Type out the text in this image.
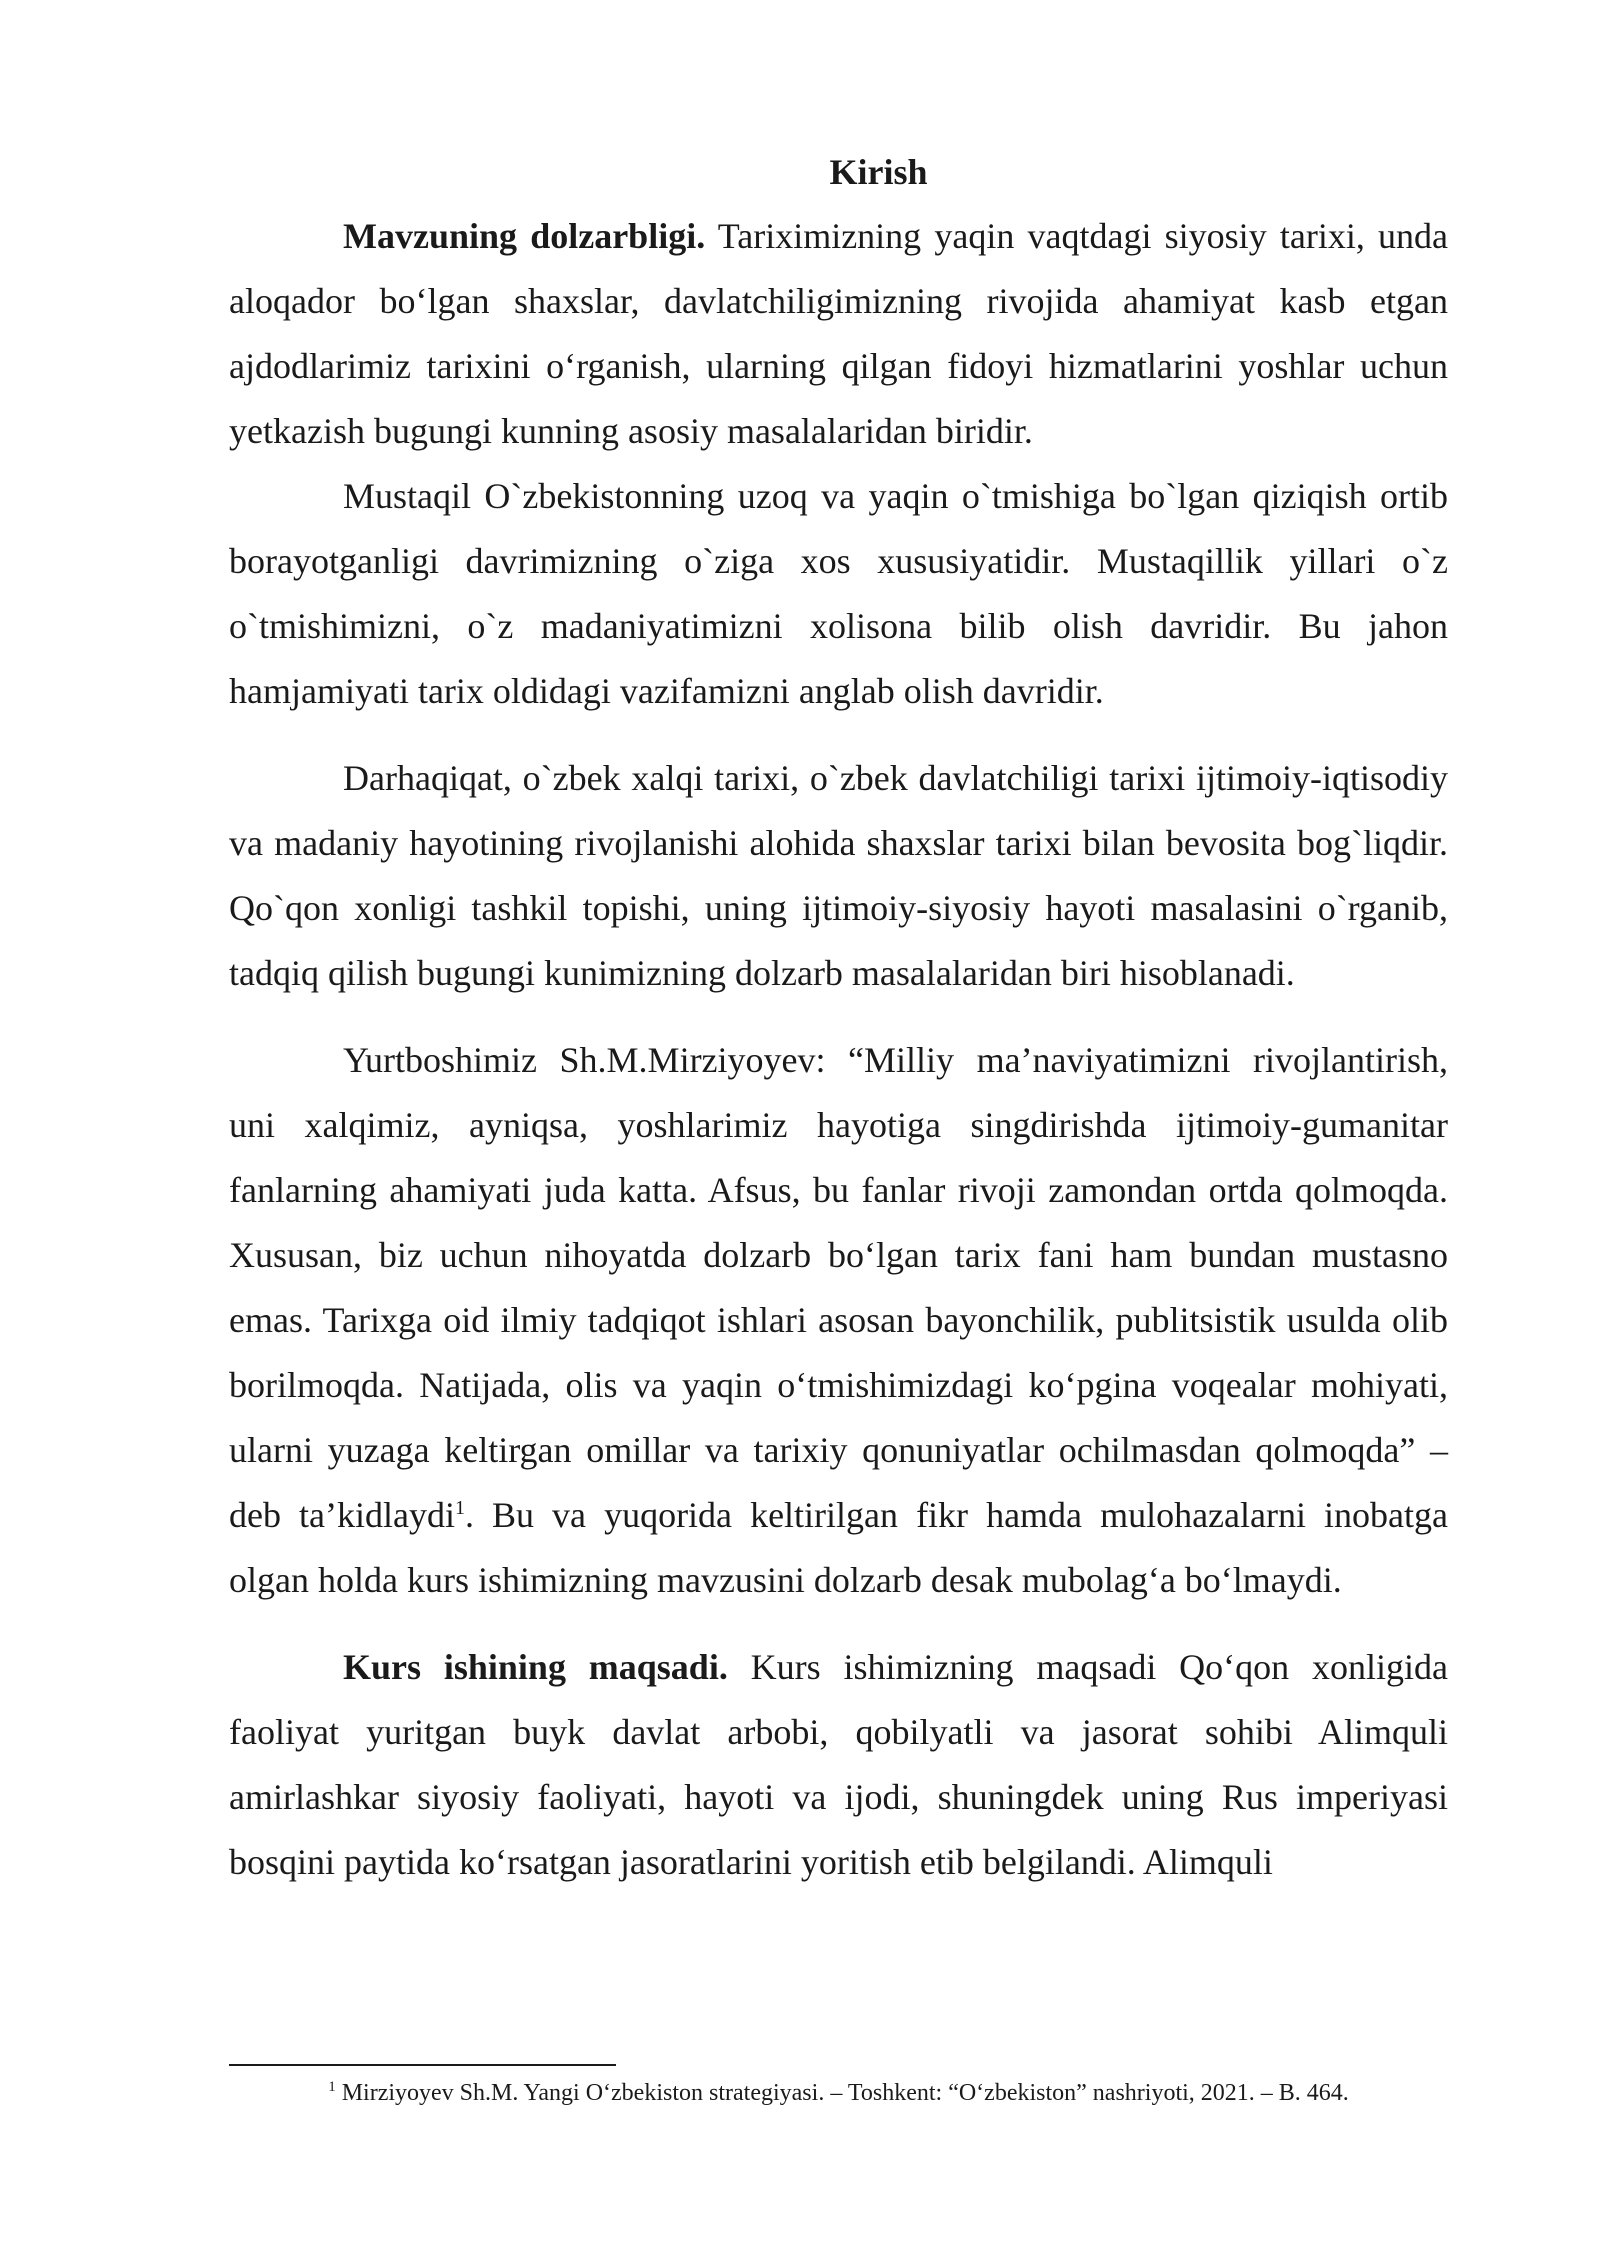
Kirish

Mavzuning dolzarbligi. Tariximizning yaqin vaqtdagi siyosiy tarixi, unda aloqador bo‘lgan shaxslar, davlatchiligimizning rivojida ahamiyat kasb etgan ajdodlarimiz tarixini o‘rganish, ularning qilgan fidoyi hizmatlarini yoshlar uchun yetkazish bugungi kunning asosiy masalalaridan biridir.

Mustaqil O`zbekistonning uzoq va yaqin o`tmishiga bo`lgan qiziqish ortib borayotganligi davrimizning o`ziga xos xususiyatidir. Mustaqillik yillari o`z o`tmishimizni, o`z madaniyatimizni xolisona bilib olish davridir. Bu jahon hamjamiyati tarix oldidagi vazifamizni anglab olish davridir.

Darhaqiqat, o`zbek xalqi tarixi, o`zbek davlatchiligi tarixi ijtimoiy-iqtisodiy va madaniy hayotining rivojlanishi alohida shaxslar tarixi bilan bevosita bog`liqdir. Qo`qon xonligi tashkil topishi, uning ijtimoiy-siyosiy hayoti masalasini o`rganib, tadqiq qilish bugungi kunimizning dolzarb masalalaridan biri hisoblanadi.

Yurtboshimiz Sh.M.Mirziyoyev: “Milliy ma’naviyatimizni rivojlantirish, uni xalqimiz, ayniqsa, yoshlarimiz hayotiga singdirishda ijtimoiy-gumanitar fanlarning ahamiyati juda katta. Afsus, bu fanlar rivoji zamondan ortda qolmoqda. Xususan, biz uchun nihoyatda dolzarb bo‘lgan tarix fani ham bundan mustasno emas. Tarixga oid ilmiy tadqiqot ishlari asosan bayonchilik, publitsistik usulda olib borilmoqda. Natijada, olis va yaqin o‘tmishimizdagi ko‘pgina voqealar mohiyati, ularni yuzaga keltirgan omillar va tarixiy qonuniyatlar ochilmasdan qolmoqda” – deb ta’kidlaydi$^1$. Bu va yuqorida keltirilgan fikr hamda mulohazalarni inobatga olgan holda kurs ishimizning mavzusini dolzarb desak mubolag‘a bo‘lmaydi.

Kurs ishining maqsadi. Kurs ishimizning maqsadi Qo‘qon xonligida faoliyat yuritgan buyk davlat arbobi, qobilyatli va jasorat sohibi Alimquli amirlashkar siyosiy faoliyati, hayoti va ijodi, shuningdek uning Rus imperiyasi bosqini paytida ko‘rsatgan jasoratlarini yoritish etib belgilandi. Alimquli

$^1$ Mirziyoyev Sh.M. Yangi O‘zbekiston strategiyasi. – Toshkent: “O‘zbekiston” nashriyoti, 2021. – B. 464.
